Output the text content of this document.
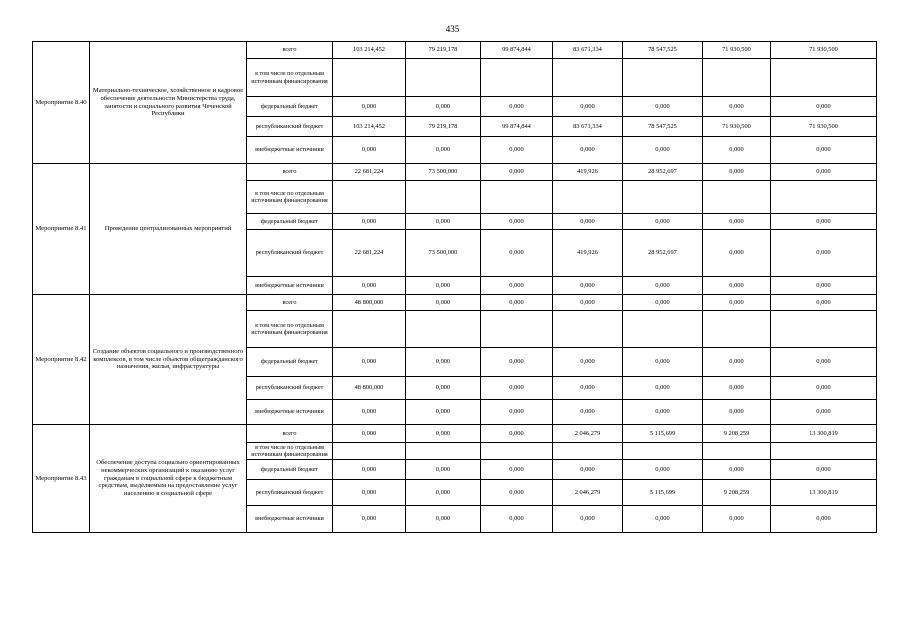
435
Мероприятие 8.40	Материально-техническое, хозяйственное и кадровое обеспечение деятельности Министерства труда, занятости и социального развития Чеченской Республики	всего	103 214,452	79 219,178	99 874,844	83 671,334	78 547,525	71 930,500	71 930,500
		в том числе по отдельным источникам финансирования							
		федеральный бюджет	0,000	0,000	0,000	0,000	0,000	0,000	0,000
		республиканский бюджет	103 214,452	79 219,178	99 874,844	83 671,334	78 547,525	71 930,500	71 930,500
		внебюджетные источники	0,000	0,000	0,000	0,000	0,000	0,000	0,000
Мероприятие 8.41	Проведение централизованных мероприятий	всего	22 681,224	73 500,000	0,000	419,926	28 952,697	0,000	0,000
		в том числе по отдельным источникам финансирования							
		федеральный бюджет	0,000	0,000	0,000	0,000	0,000	0,000	0,000
		республиканский бюджет	22 681,224	73 500,000	0,000	419,926	28 952,697	0,000	0,000
		внебюджетные источники	0,000	0,000	0,000	0,000	0,000	0,000	0,000
Мероприятие 8.42	Создание объектов социального и производственного комплексов, в том числе объектов общегражданского назначения, жилья, инфраструктуры	всего	48 800,000	0,000	0,000	0,000	0,000	0,000	0,000
		в том числе по отдельным источникам финансирования							
		федеральный бюджет	0,000	0,000	0,000	0,000	0,000	0,000	0,000
		республиканский бюджет	48 800,000	0,000	0,000	0,000	0,000	0,000	0,000
		внебюджетные источники	0,000	0,000	0,000	0,000	0,000	0,000	0,000
Мероприятие 8.43	Обеспечение доступа социально ориентированных некоммерческих организаций к оказанию услуг гражданам в социальной сфере к бюджетным средствам, выделяемым на предоставление услуг населению в социальной сфере	всего	0,000	0,000	0,000	2 046,279	5 115,699	9 208,259	13 300,819
		в том числе по отдельным источникам финансирования							
		федеральный бюджет	0,000	0,000	0,000	0,000	0,000	0,000	0,000
		республиканский бюджет	0,000	0,000	0,000	2 046,279	5 115,699	9 208,259	13 300,819
		внебюджетные источники	0,000	0,000	0,000	0,000	0,000	0,000	0,000
